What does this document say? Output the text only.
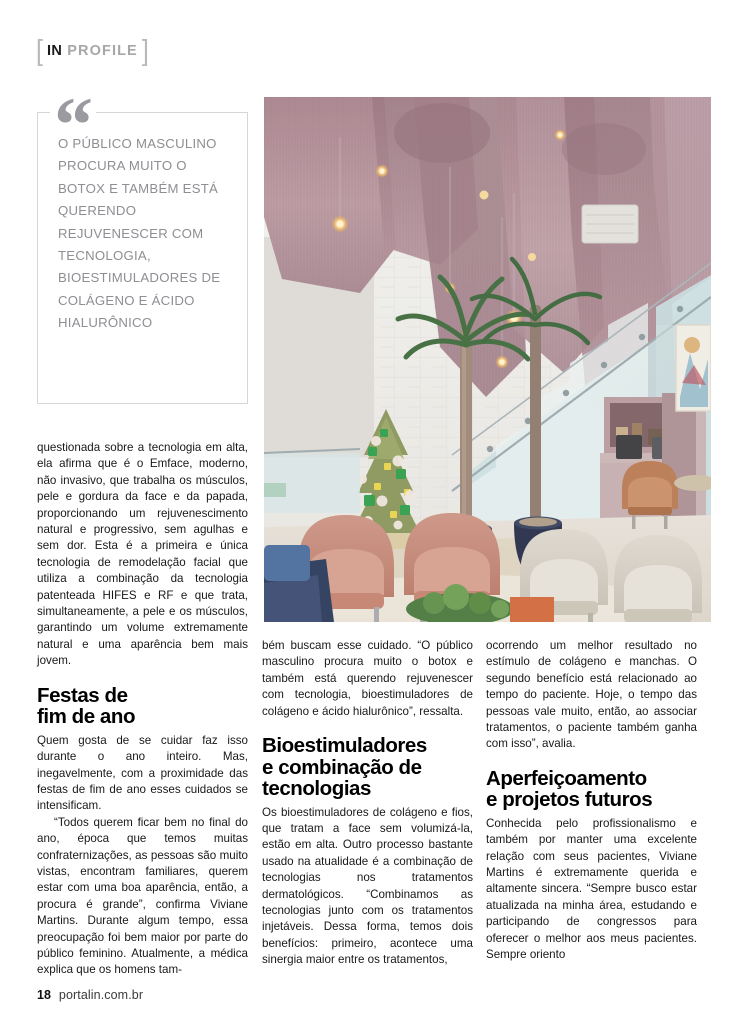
[ IN PROFILE ]
“
O PÚBLICO MASCULINO PROCURA MUITO O BOTOX E TAMBÉM ESTÁ QUERENDO REJUVENESCER COM TECNOLOGIA, BIOESTIMULADORES DE COLÁGENO E ÁCIDO HIALURÔNICO

questionada sobre a tecnologia em alta, ela afirma que é o Emface, moderno, não invasivo, que trabalha os músculos, pele e gordura da face e da papada, proporcionando um rejuvenescimento natural e progressivo, sem agulhas e sem dor. Esta é a primeira e única tecnologia de remodelação facial que utiliza a combinação da tecnologia patenteada HIFES e RF e que trata, simultaneamente, a pele e os músculos, garantindo um volume extremamente natural e uma aparência bem mais jovem.

Festas de
fim de ano

Quem gosta de se cuidar faz isso durante o ano inteiro. Mas, inegavelmente, com a proximidade das festas de fim de ano esses cuidados se intensificam.

“Todos querem ficar bem no final do ano, época que temos muitas confraternizações, as pessoas são muito vistas, encontram familiares, querem estar com uma boa aparência, então, a procura é grande”, confirma Viviane Martins. Durante algum tempo, essa preocupação foi bem maior por parte do público feminino. Atualmente, a médica explica que os homens tam-

bém buscam esse cuidado. “O público masculino procura muito o botox e também está querendo rejuvenescer com tecnologia, bioestimuladores de colágeno e ácido hialurônico”, ressalta.

Bioestimuladores
e combinação de
tecnologias

Os bioestimuladores de colágeno e fios, que tratam a face sem volumizá-la, estão em alta. Outro processo bastante usado na atualidade é a combinação de tecnologias nos tratamentos dermatológicos. “Combinamos as tecnologias junto com os tratamentos injetáveis. Dessa forma, temos dois benefícios: primeiro, acontece uma sinergia maior entre os tratamentos,

ocorrendo um melhor resultado no estímulo de colágeno e manchas. O segundo benefício está relacionado ao tempo do paciente. Hoje, o tempo das pessoas vale muito, então, ao associar tratamentos, o paciente também ganha com isso”, avalia.

Aperfeiçoamento
e projetos futuros

Conhecida pelo profissionalismo e também por manter uma excelente relação com seus pacientes, Viviane Martins é extremamente querida e altamente sincera. “Sempre busco estar atualizada na minha área, estudando e participando de congressos para oferecer o melhor aos meus pacientes. Sempre oriento

18 portalin.com.br
